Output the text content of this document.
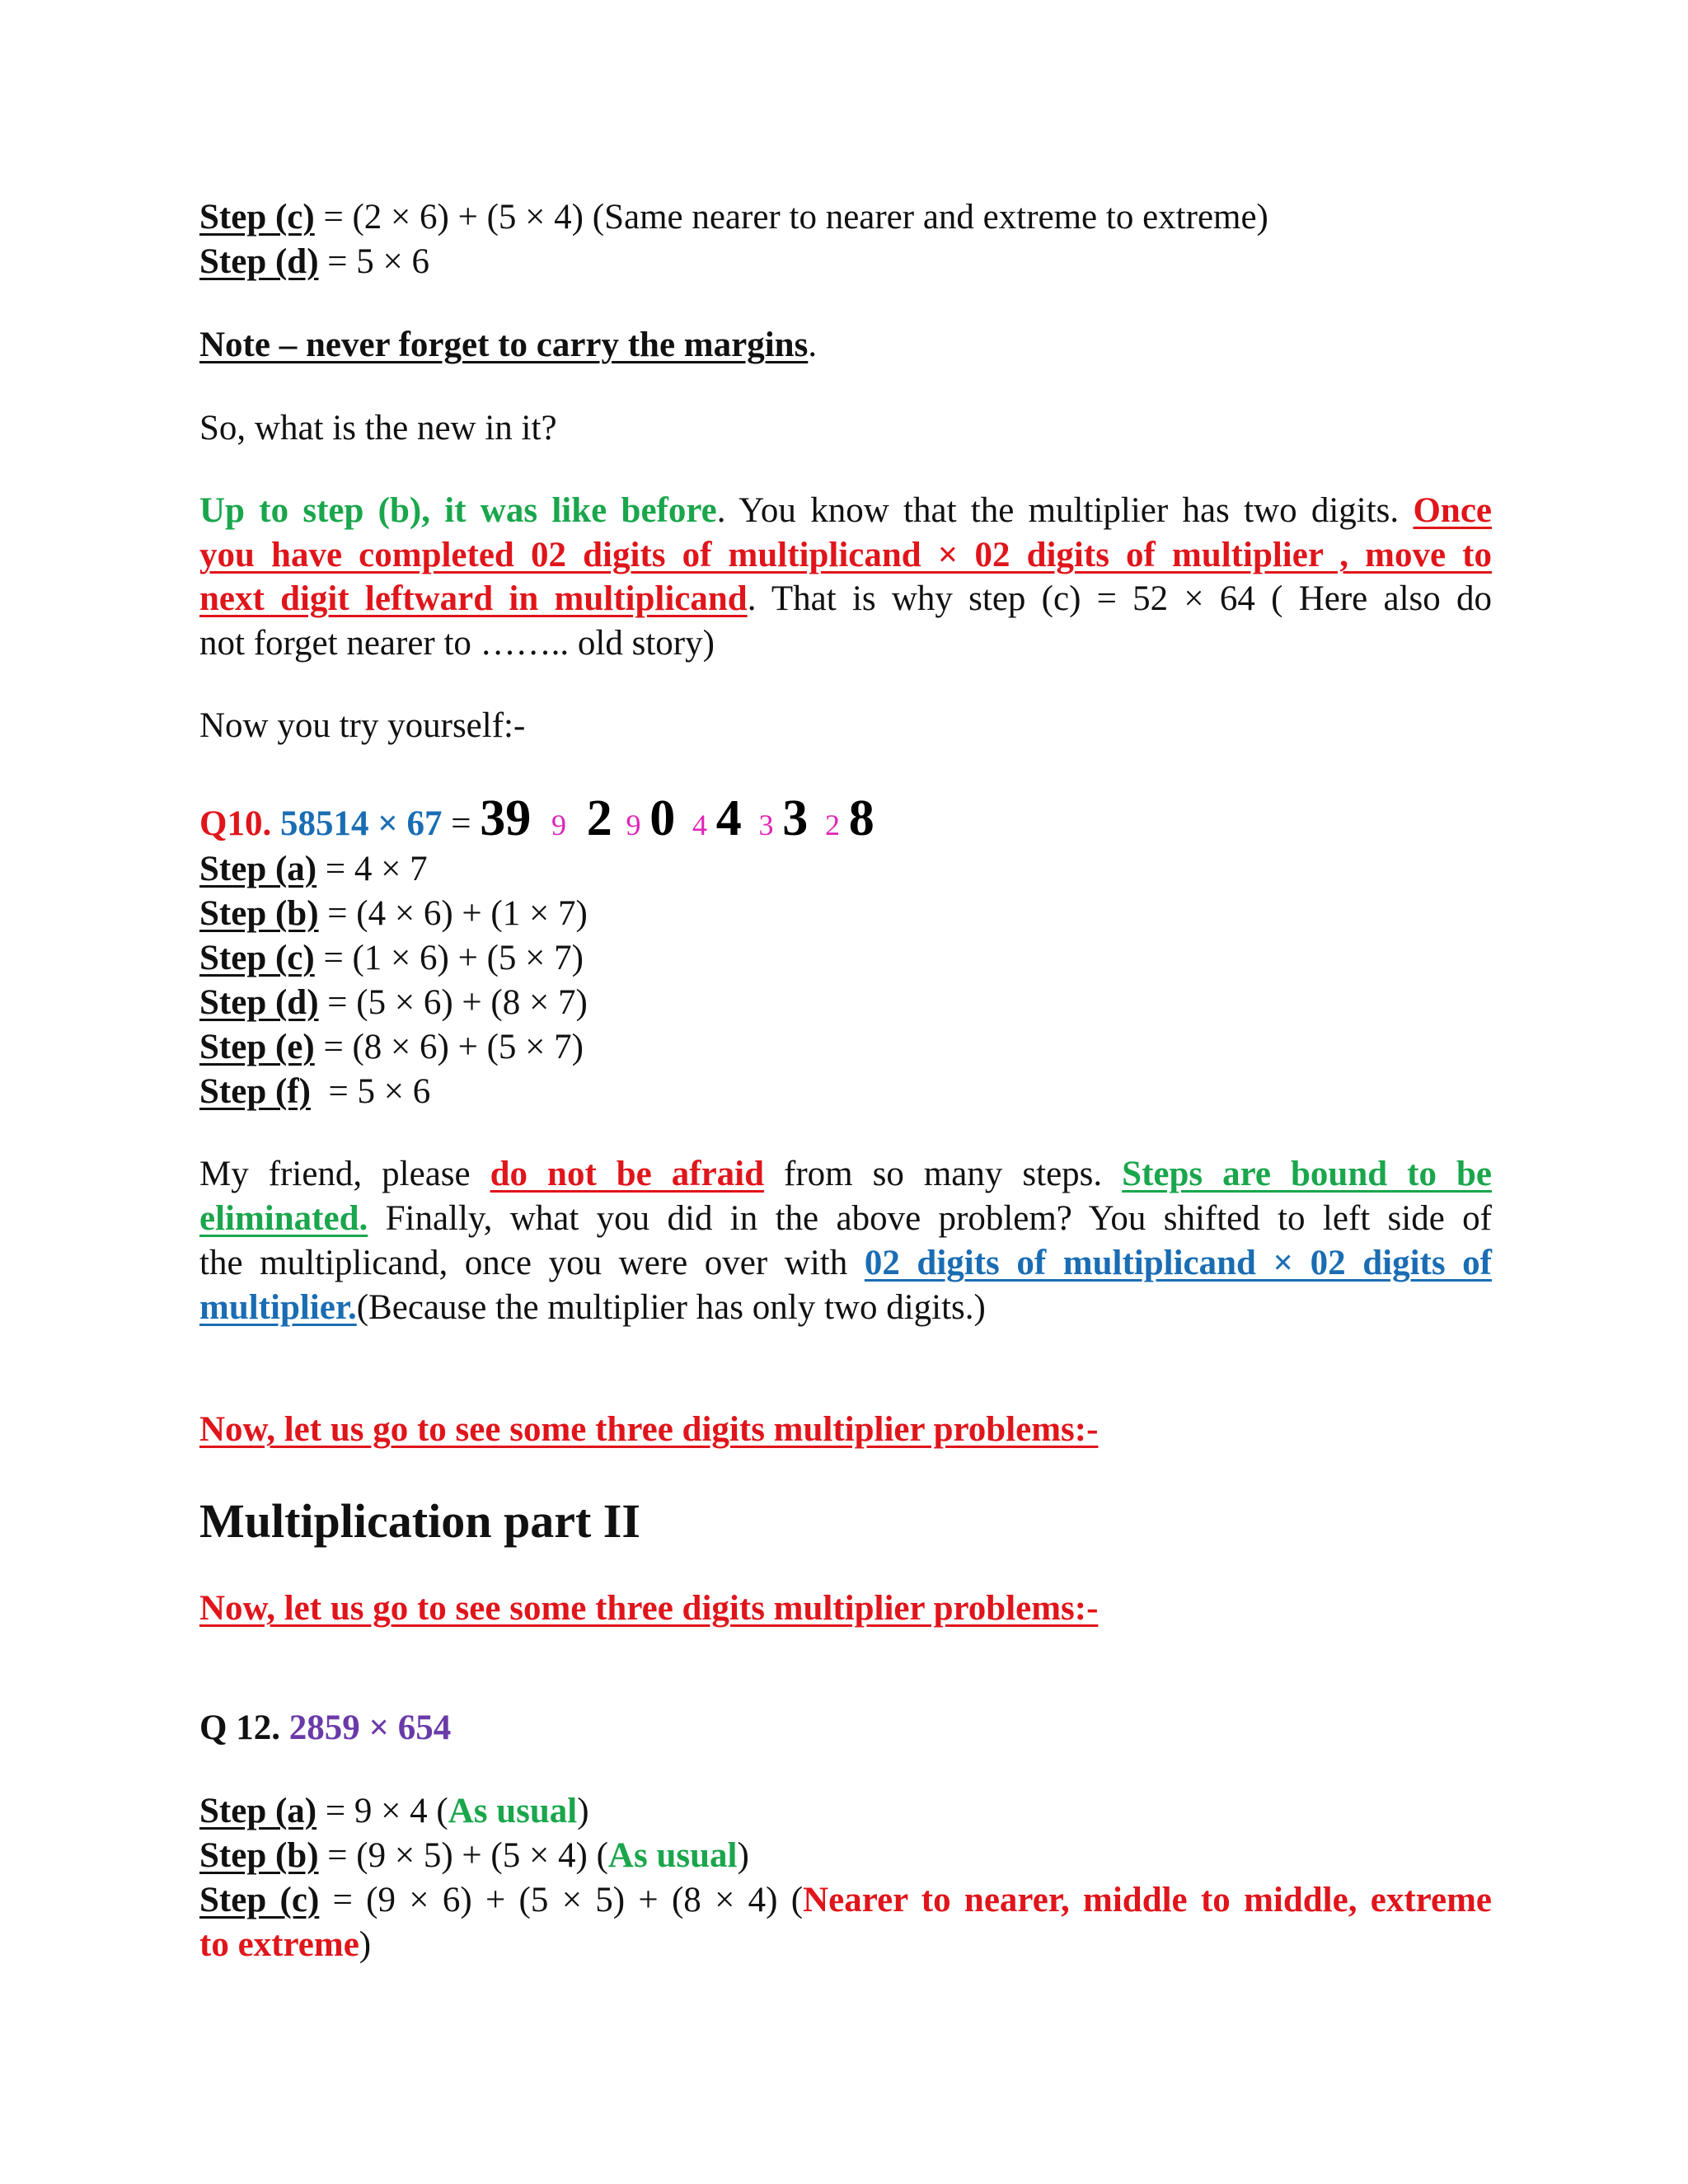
Step (c) = (2 × 6) + (5 × 4) (Same nearer to nearer and extreme to extreme)
Step (d) = 5 × 6
Note – never forget to carry the margins.
So, what is the new in it?
Up to step (b), it was like before. You know that the multiplier has two digits. Once
you have completed 02 digits of multiplicand × 02 digits of multiplier , move to
next digit leftward in multiplicand. That is why step (c) = 52 × 64 ( Here also do
not forget nearer to …….. old story)
Now you try yourself:-
Q10. 58514 × 67 = 39 9 2 9 0 4 4 3 3 2 8
Step (a) = 4 × 7
Step (b) = (4 × 6) + (1 × 7)
Step (c) = (1 × 6) + (5 × 7)
Step (d) = (5 × 6) + (8 × 7)
Step (e) = (8 × 6) + (5 × 7)
Step (f)  = 5 × 6
My friend, please do not be afraid from so many steps. Steps are bound to be
eliminated. Finally, what you did in the above problem? You shifted to left side of
the multiplicand, once you were over with 02 digits of multiplicand × 02 digits of
multiplier.(Because the multiplier has only two digits.)
Now, let us go to see some three digits multiplier problems:-
Multiplication part II
Now, let us go to see some three digits multiplier problems:-
Q 12. 2859 × 654
Step (a) = 9 × 4 (As usual)
Step (b) = (9 × 5) + (5 × 4) (As usual)
Step (c) = (9 × 6) + (5 × 5) + (8 × 4) (Nearer to nearer, middle to middle, extreme
to extreme)
